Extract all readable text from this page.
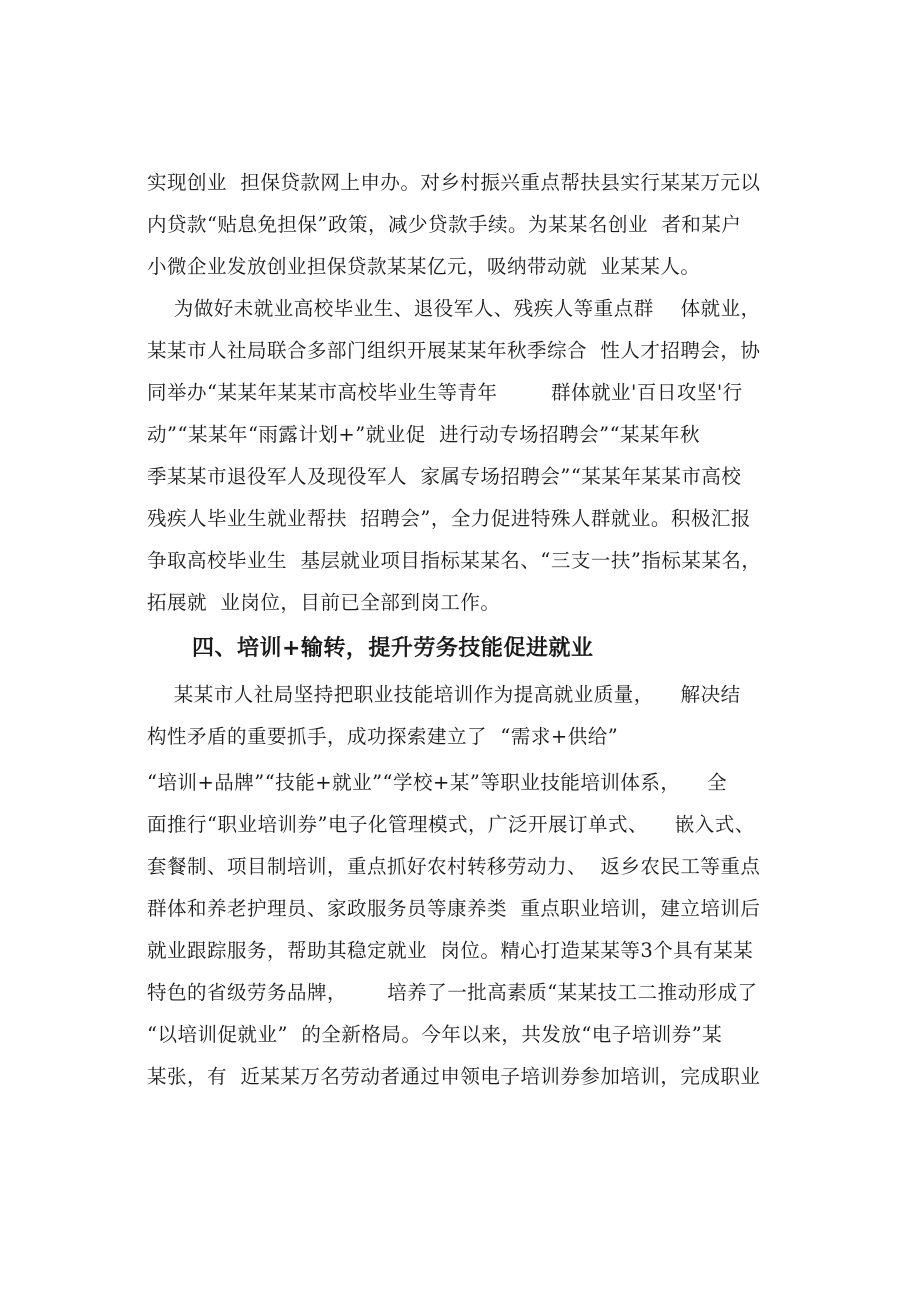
实现创业  担保贷款网上申办。对乡村振兴重点帮扶县实行某某万元以
内贷款“贴息免担保”政策，减少贷款手续。为某某名创业  者和某户
小微企业发放创业担保贷款某某亿元，吸纳带动就  业某某人。
为做好未就业高校毕业生、退役军人、残疾人等重点群    体就业，
某某市人社局联合多部门组织开展某某年秋季综合  性人才招聘会，协
同举办“某某年某某市高校毕业生等青年        群体就业'百日攻坚'行
动”“某某年“雨露计划+”就业促  进行动专场招聘会”“某某年秋
季某某市退役军人及现役军人  家属专场招聘会”“某某年某某市高校
残疾人毕业生就业帮扶  招聘会”，全力促进特殊人群就业。积极汇报
争取高校毕业生  基层就业项目指标某某名、“三支一扶”指标某某名，
拓展就  业岗位，目前已全部到岗工作。
四、培训+输转，提升劳务技能促进就业
某某市人社局坚持把职业技能培训作为提高就业质量，    解决结
构性矛盾的重要抓手，成功探索建立了  “需求+供给”
“培训+品牌”“技能+就业”“学校+某”等职业技能培训体系，    全
面推行“职业培训券”电子化管理模式，广泛开展订单式、    嵌入式、
套餐制、项目制培训，重点抓好农村转移劳动力、  返乡农民工等重点
群体和养老护理员、家政服务员等康养类  重点职业培训，建立培训后
就业跟踪服务，帮助其稳定就业  岗位。精心打造某某等3个具有某某
特色的省级劳务品牌，      培养了一批高素质“某某技工二推动形成了
“以培训促就业”  的全新格局。今年以来，共发放“电子培训券”某
某张，有  近某某万名劳动者通过申领电子培训券参加培训，完成职业
